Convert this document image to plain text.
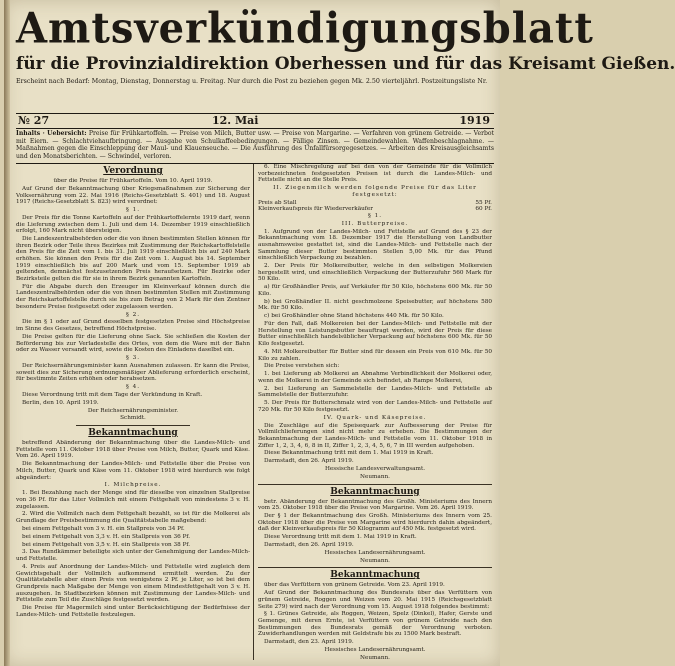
Amtsverkündigungsblatt
für die Provinzialdirektion Oberhessen und für das Kreisamt Gießen.
Erscheint nach Bedarf: Montag, Dienstag, Donnerstag u. Freitag. Nur durch die Post zu beziehen gegen Mk. 2.50 vierteljährl. Postzeitungsliste Nr.
№ 27	12. Mai	1919
Inhalts · Uebersicht: Preise für Frühkartoffeln. — Preise von Milch, Butter usw. — Preise von Margarine. — Verfahren von grünem Getreide. — Verbot mit Eiern. — Schlachtviehaufbringung. — Ausgabe von Schulkaffeebedingungen. — Fällige Zinsen. — Gemeindewahlen. Waffenbeschlagnahme. — Maßnahmen gegen die Einschleppung der Maul- und Klauenseuche. — Die Ausführung des Unfallfürsorgegesetzes. — Arbeiten des Kreisausgleichsamts und den Monatsberichten. — Schwindel, verloren.

Verordnung

über die Preise für Frühkartoffeln. Vom 10. April 1919.

Auf Grund der Bekanntmachung über Kriegsmaßnahmen zur Sicherung der Volksernährung vom 22. Mai 1916 (Reichs-Gesetzblatt S. 401) und 18. August 1917 (Reichs-Gesetzblatt S. 823) wird verordnet:

§ 1.

Der Preis für die Tonne Kartoffeln auf der Frühkartoffelernte 1919 darf, wenn die Lieferung zwischen dem 1. Juli und dem 14. Dezember 1919 einschließlich erfolgt, 160 Mark nicht übersteigen.

Die Landeszentralbehörden oder die von ihnen bestimmten Stellen können für ihren Bezirk oder Teile ihres Bezirkes mit Zustimmung der Reichskartoffelstelle den Preis für die Zeit vom 1. bis 31. Juli 1919 einschließlich bis auf 240 Mark erhöhen. Sie können den Preis für die Zeit vom 1. August bis 14. September 1919 einschließlich bis auf 200 Mark und vom 15. September 1919 ab geltenden, demnächst festzusetzenden Preis heraufsetzen. Für Bezirke oder Bezirksteile gelten die für sie in ihrem Bezirk genannten Kartoffeln.

Für die Abgabe durch den Erzeuger im Kleinverkauf können durch die Landeszentralbehörden oder die von ihnen bestimmten Stellen mit Zustimmung der Reichskartoffelstelle durch sie bis zum Betrag von 2 Mark für den Zentner besondere Preise festgesetzt oder zugelassen werden.

§ 2.

Die im § 1 oder auf Grund desselben festgesetzten Preise sind Höchstpreise im Sinne des Gesetzes, betreffend Höchstpreise.

Die Preise gelten für die Lieferung ohne Sack. Sie schließen die Kosten der Beförderung bis zur Verladestelle des Ortes, von dem die Ware mit der Bahn oder zu Wasser versandt wird, sowie die Kosten des Einladens daselbst ein.

§ 3.

Der Reichsernährungsminister kann Ausnahmen zulassen. Er kann die Preise, soweit dies zur Sicherung ordnungsmäßiger Ablieferung erforderlich erscheint, für bestimmte Zeiten erhöhen oder herabsetzen.

§ 4.

Diese Verordnung tritt mit dem Tage der Verkündung in Kraft.

Berlin, den 10. April 1919.

Der Reichsernährungsminister.

Schmidt.

Bekanntmachung

betreffend Abänderung der Bekanntmachung über die Landes-Milch- und Fettstelle vom 11. Oktober 1918 über Preise von Milch, Butter, Quark und Käse. Vom 26. April 1919.

Die Bekanntmachung der Landes-Milch- und Fettstelle über die Preise von Milch, Butter, Quark und Käse vom 11. Oktober 1918 wird hierdurch wie folgt abgeändert:

I. Milchpreise.

1. Bei Bezahlung nach der Menge sind für dieselbe von einzelnen Stallpreise von 36 Pf. für das Liter Vollmilch mit einem Fettgehalt von mindestens 3 v. H. zugelassen.

2. Wird die Vollmilch nach dem Fettgehalt bezahlt, so ist für die Molkerei als Grundlage der Preisbestimmung die Qualitätstabelle maßgebend:

bei einem Fettgehalt von 3 v. H. ein Stallpreis von 34 Pf.

bei einem Fettgehalt von 3,3 v. H. ein Stallpreis von 36 Pf.

bei einem Fettgehalt von 3,5 v. H. ein Stallpreis von 38 Pf.

3. Das Rundkämmer beteiligte sich unter der Genehmigung der Landes-Milch- und Fettstelle.

4. Preis auf Anordnung der Landes-Milch- und Fettstelle wird zugleich dem Gewichtsgehalt der Vollmilch aufkommend ermittelt werden. Zu der Qualitätstabelle aber einen Preis von wenigstens 2 Pf. je Liter, so ist bei dem Grundpreis nach Maßgabe der Menge von einem Mindestfettgehalt von 3 v. H. auszugehen. In Stadtbezirken können mit Zustimmung der Landes-Milch- und Fettstelle zum Teil die Zuschläge festgesetzt werden.

Die Preise für Magermilch sind unter Berücksichtigung der Bedürfnisse der Landes-Milch- und Fettstelle festzulegen.

6. Eine Mischregelung auf bei den von der Gemeinde für die Vollmilch vorbezeichneten festgesetzten Preisen ist durch die Landes-Milch- und Fettstelle nicht an die Stelle Preis.

II. Ziegenmilch werden folgende Preise für das Liter festgesetzt:

Preis ab Stall	55 Pf.
Kleinverkaufspreis für Wiederverkäufer	60 Pf.

§ 1.

III. Butterpreise.

1. Aufgrund von der Landes-Milch- und Fettstelle auf Grund des § 23 der Bekanntmachung vom 18. Dezember 1917 die Herstellung von Landbutter ausnahmsweise gestattet ist, sind die Landes-Milch- und Fettstelle nach der Sammlung dieser Butter bestimmten Stellen 5,00 Mk. für das Pfund einschließlich Verpackung zu bezahlen.

2. Der Preis für Molkereibutter, welche in den selbstigen Molkereien hergestellt wird, und einschließlich Verpackung der Butterzufuhr 560 Mark für 50 Kilo.

a) für Großhändler Preis, auf Verkäufer für 50 Kilo, höchstens 600 Mk. für 50 Kilo.

b) bei Großhändler II. nicht geschmolzene Speisebutter, auf höchstens 580 Mk. für 50 Kilo.

c) bei Großhändler ohne Stand höchstens 440 Mk. für 50 Kilo.

Für den Fall, daß Molkereien bei der Landes-Milch- und Fettstelle mit der Herstellung von Leistungsbutter beauftragt werden, wird der Preis für diese Butter einschließlich handelsüblicher Verpackung auf höchstens 600 Mk. für 50 Kilo festgesetzt.

4. Mit Molkereibutter für Butter sind für dessen ein Preis von 610 Mk. für 50 Kilo zu zahlen.

Die Preise verstehen sich:

1. bei Lieferung ab Molkerei an Abnahme Verbindlichkeit der Molkerei oder, wenn die Molkerei in der Gemeinde sich befindet, ab Rampe Molkerei,

2. bei Lieferung an Sammelstelle der Landes-Milch- und Fettstelle ab Sammelstelle der Butterzufuhr.

5. Der Preis für Butterschmalz wird von der Landes-Milch- und Fettstelle auf 720 Mk. für 50 Kilo festgesetzt.

IV. Quark- und Käsepreise.

Die Zuschläge auf die Speisequark zur Aufbesserung der Preise für Vollmilchlieferungen sind nicht mehr zu erheben. Die Bestimmungen der Bekanntmachung der Landes-Milch- und Fettstelle vom 11. Oktober 1918 in Ziffer 1, 2, 3, 4, 6, 8 in II, Ziffer 1, 2, 3, 4, 5, 6, 7 in III werden aufgehoben.

Diese Bekanntmachung tritt mit dem 1. Mai 1919 in Kraft.

Darmstadt, den 26. April 1919.

Hessische Landesverwaltungsamt.

Neumann.

Bekanntmachung

betr. Abänderung der Bekanntmachung des Großh. Ministeriums des Innern vom 25. Oktober 1918 über die Preise von Margarine. Vom 26. April 1919.

Der § 1 der Bekanntmachung des Großh. Ministeriums des Innern vom 25. Oktober 1918 über die Preise von Margarine wird hierdurch dahin abgeändert, daß der Kleinverkaufspreis für 50 Kilogramm auf 450 Mk. festgesetzt wird.

Diese Verordnung tritt mit dem 1. Mai 1919 in Kraft.

Darmstadt, den 26. April 1919.

Hessisches Landesernährungsamt.

Neumann.

Bekanntmachung

über das Verfüttern von grünem Getreide. Vom 23. April 1919.

Auf Grund der Bekanntmachung des Bundesrats über das Verfüttern von grünem Getreide, Roggen und Weizen vom 20. Mai 1915 (Reichsgesetzblatt Seite 279) wird nach der Verordnung vom 15. August 1918 folgendes bestimmt:

§ 1. Grünes Getreide, als Roggen, Weizen, Spelz (Dinkel), Hafer, Gerste und Gemenge, mit deren Ernte, ist Verfüttern von grünem Getreide nach den Bestimmungen des Bundesrats gemäß der Verordnung verboten. Zuwiderhandlungen werden mit Geldstrafe bis zu 1500 Mark bestraft.

Darmstadt, den 23. April 1919.

Hessisches Landesernährungsamt.

Neumann.
